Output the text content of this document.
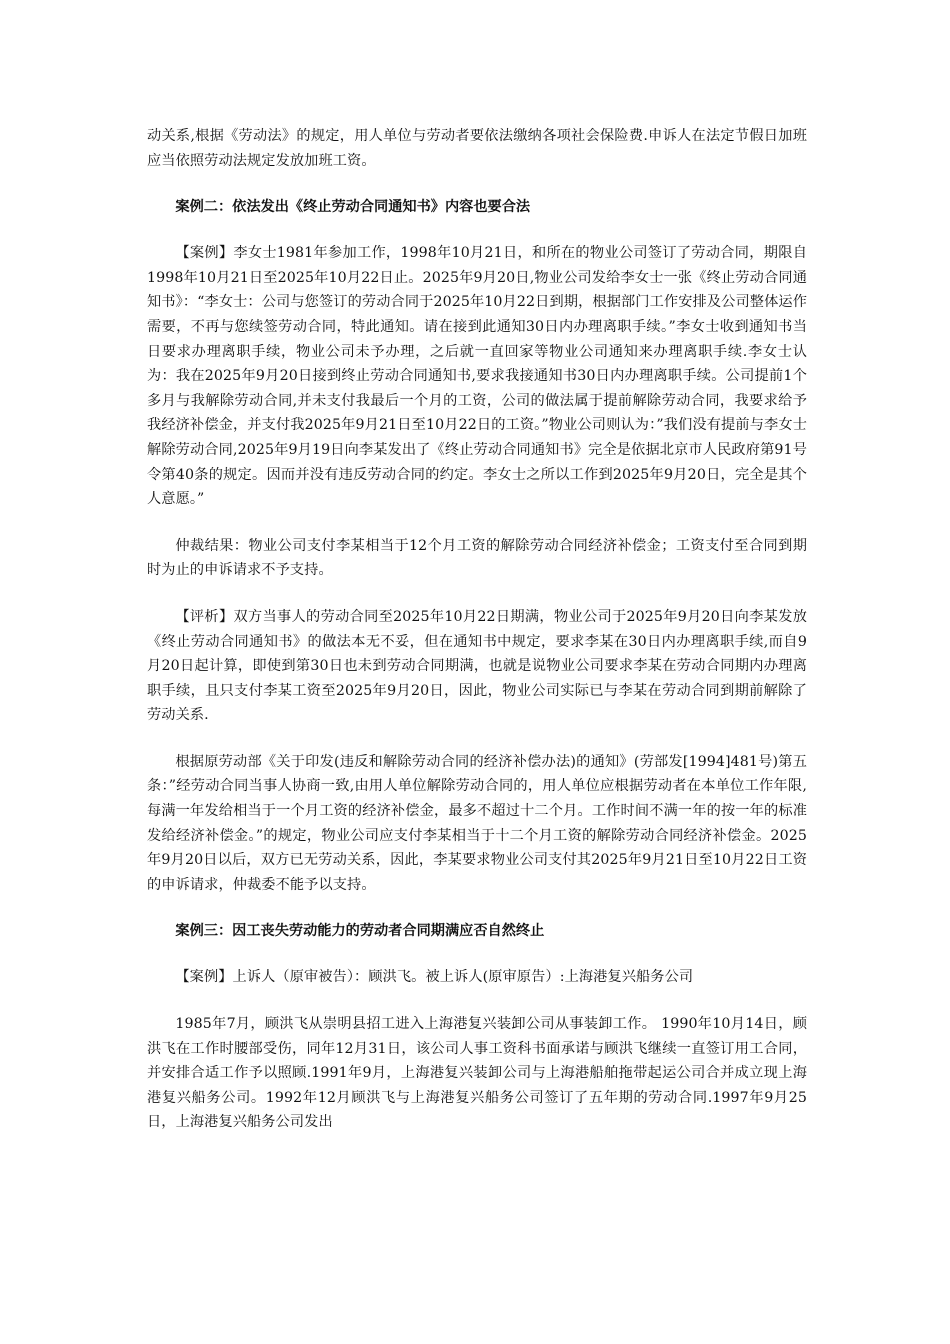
动关系,根据《劳动法》的规定，用人单位与劳动者要依法缴纳各项社会保险费.申诉人在法定节假日加班应当依照劳动法规定发放加班工资。

案例二：依法发出《终止劳动合同通知书》内容也要合法

【案例】李女士1981年参加工作，1998年10月21日，和所在的物业公司签订了劳动合同，期限自1998年10月21日至2025年10月22日止。2025年9月20日,物业公司发给李女士一张《终止劳动合同通知书》：“李女士：公司与您签订的劳动合同于2025年10月22日到期，根据部门工作安排及公司整体运作需要，不再与您续签劳动合同，特此通知。请在接到此通知30日内办理离职手续。”李女士收到通知书当日要求办理离职手续，物业公司未予办理，之后就一直回家等物业公司通知来办理离职手续.李女士认为：我在2025年9月20日接到终止劳动合同通知书,要求我接通知书30日内办理离职手续。公司提前1个多月与我解除劳动合同,并未支付我最后一个月的工资，公司的做法属于提前解除劳动合同，我要求给予我经济补偿金，并支付我2025年9月21日至10月22日的工资。”物业公司则认为：”我们没有提前与李女士解除劳动合同,2025年9月19日向李某发出了《终止劳动合同通知书》完全是依据北京市人民政府第91号令第40条的规定。因而并没有违反劳动合同的约定。李女士之所以工作到2025年9月20日，完全是其个人意愿。”

仲裁结果：物业公司支付李某相当于12个月工资的解除劳动合同经济补偿金；工资支付至合同到期时为止的申诉请求不予支持。

【评析】双方当事人的劳动合同至2025年10月22日期满，物业公司于2025年9月20日向李某发放《终止劳动合同通知书》的做法本无不妥，但在通知书中规定，要求李某在30日内办理离职手续,而自9月20日起计算，即使到第30日也未到劳动合同期满，也就是说物业公司要求李某在劳动合同期内办理离职手续，且只支付李某工资至2025年9月20日，因此，物业公司实际已与李某在劳动合同到期前解除了劳动关系.

根据原劳动部《关于印发(违反和解除劳动合同的经济补偿办法)的通知》(劳部发[1994]481号)第五条：”经劳动合同当事人协商一致,由用人单位解除劳动合同的，用人单位应根据劳动者在本单位工作年限,每满一年发给相当于一个月工资的经济补偿金，最多不超过十二个月。工作时间不满一年的按一年的标准发给经济补偿金。”的规定，物业公司应支付李某相当于十二个月工资的解除劳动合同经济补偿金。2025年9月20日以后，双方已无劳动关系，因此，李某要求物业公司支付其2025年9月21日至10月22日工资的申诉请求，仲裁委不能予以支持。

案例三：因工丧失劳动能力的劳动者合同期满应否自然终止

【案例】上诉人（原审被告）：顾洪飞。被上诉人(原审原告）:上海港复兴船务公司

1985年7月，顾洪飞从崇明县招工进入上海港复兴装卸公司从事装卸工作。 1990年10月14日，顾洪飞在工作时腰部受伤，同年12月31日，该公司人事工资科书面承诺与顾洪飞继续一直签订用工合同，并安排合适工作予以照顾.1991年9月，上海港复兴装卸公司与上海港船舶拖带起运公司合并成立现上海港复兴船务公司。1992年12月顾洪飞与上海港复兴船务公司签订了五年期的劳动合同.1997年9月25日，上海港复兴船务公司发出
